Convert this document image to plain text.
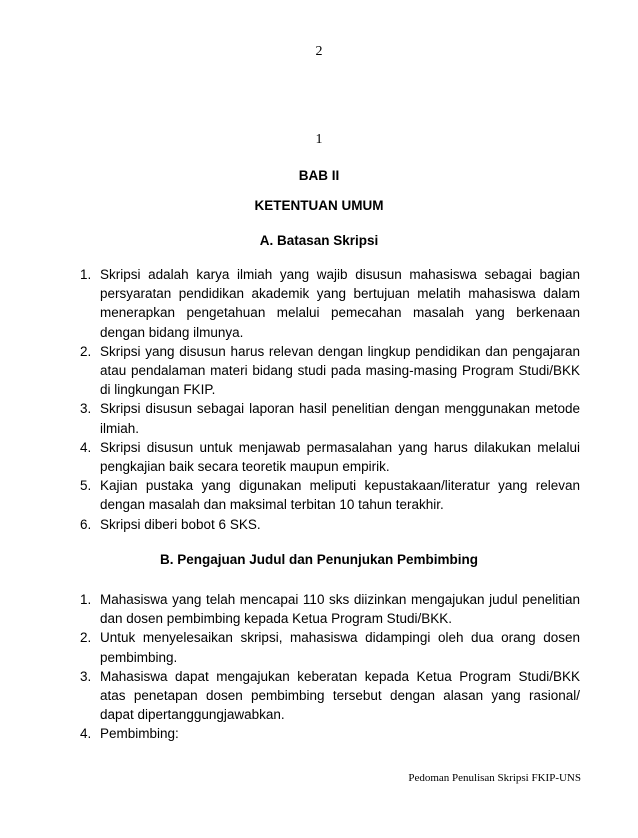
2
1
BAB II
KETENTUAN UMUM
A. Batasan Skripsi
1. Skripsi adalah karya ilmiah yang wajib disusun mahasiswa sebagai bagian persyaratan pendidikan akademik yang bertujuan melatih mahasiswa dalam menerapkan pengetahuan melalui pemecahan masalah yang berkenaan dengan bidang ilmunya.
2. Skripsi yang disusun harus relevan dengan lingkup pendidikan dan pengajaran atau pendalaman materi bidang studi pada masing-masing Program Studi/BKK di lingkungan FKIP.
3. Skripsi disusun sebagai laporan hasil penelitian dengan menggunakan metode ilmiah.
4. Skripsi disusun untuk menjawab permasalahan yang harus dilakukan melalui pengkajian baik secara teoretik maupun empirik.
5. Kajian pustaka yang digunakan meliputi kepustakaan/literatur yang relevan dengan masalah dan maksimal terbitan 10 tahun terakhir.
6. Skripsi diberi bobot 6 SKS.
B. Pengajuan Judul dan Penunjukan Pembimbing
1. Mahasiswa yang telah mencapai 110 sks diizinkan mengajukan judul penelitian dan dosen pembimbing kepada Ketua Program Studi/BKK.
2. Untuk menyelesaikan skripsi, mahasiswa didampingi oleh dua orang dosen pembimbing.
3. Mahasiswa dapat mengajukan keberatan kepada Ketua Program Studi/BKK atas penetapan dosen pembimbing tersebut dengan alasan yang rasional/ dapat dipertanggungjawabkan.
4. Pembimbing:
Pedoman Penulisan Skripsi FKIP-UNS
